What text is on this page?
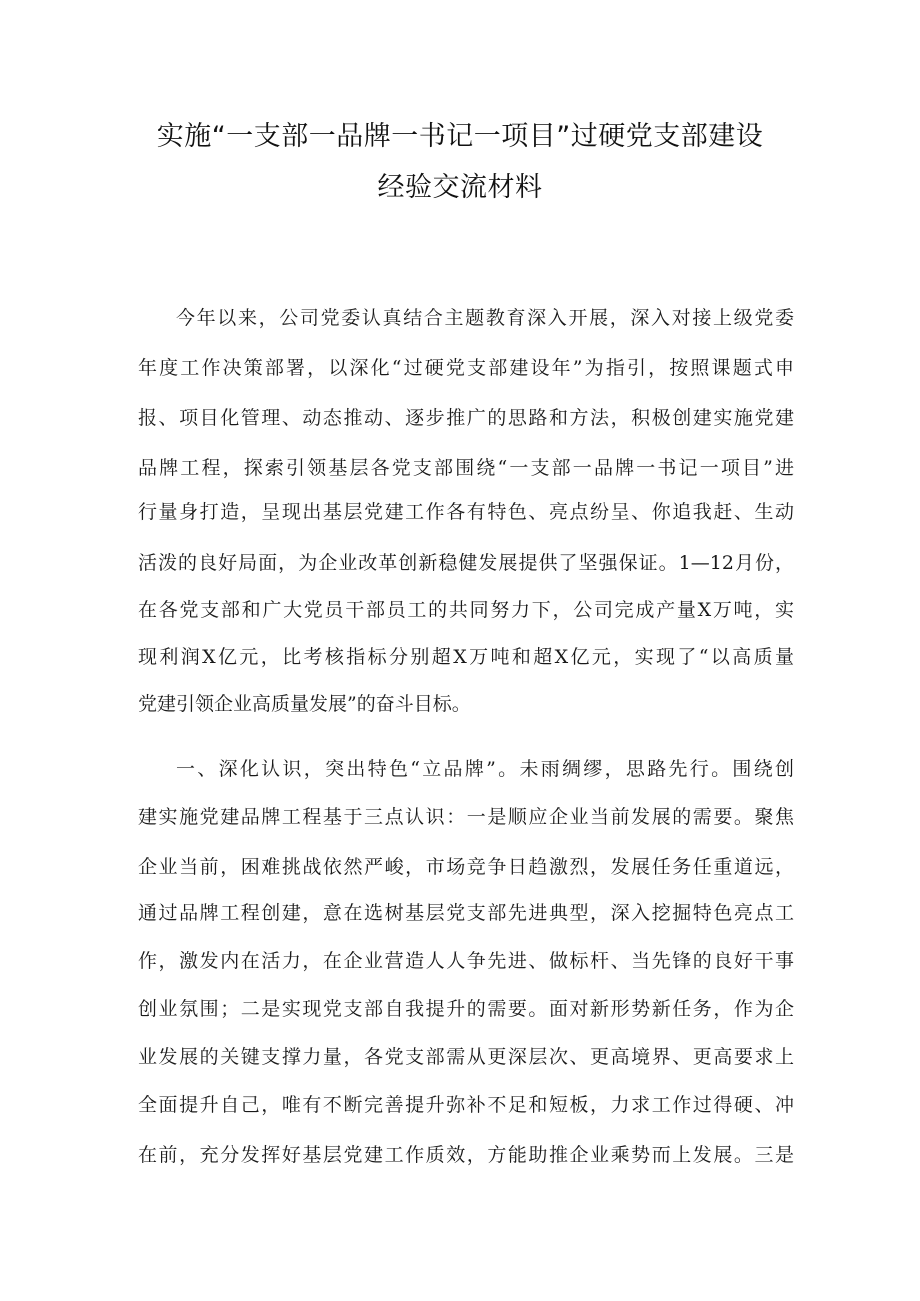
实施“一支部一品牌一书记一项目”过硬党支部建设
经验交流材料
今年以来，公司党委认真结合主题教育深入开展，深入对接上级党委
年度工作决策部署，以深化“过硬党支部建设年”为指引，按照课题式申
报、项目化管理、动态推动、逐步推广的思路和方法，积极创建实施党建
品牌工程，探索引领基层各党支部围绕“一支部一品牌一书记一项目”进
行量身打造，呈现出基层党建工作各有特色、亮点纷呈、你追我赶、生动
活泼的良好局面，为企业改革创新稳健发展提供了坚强保证。1—12月份，
在各党支部和广大党员干部员工的共同努力下，公司完成产量X万吨，实
现利润X亿元，比考核指标分别超X万吨和超X亿元，实现了“以高质量
党建引领企业高质量发展”的奋斗目标。
一、深化认识，突出特色“立品牌”。未雨绸缪，思路先行。围绕创
建实施党建品牌工程基于三点认识：一是顺应企业当前发展的需要。聚焦
企业当前，困难挑战依然严峻，市场竞争日趋激烈，发展任务任重道远，
通过品牌工程创建，意在选树基层党支部先进典型，深入挖掘特色亮点工
作，激发内在活力，在企业营造人人争先进、做标杆、当先锋的良好干事
创业氛围；二是实现党支部自我提升的需要。面对新形势新任务，作为企
业发展的关键支撑力量，各党支部需从更深层次、更高境界、更高要求上
全面提升自己，唯有不断完善提升弥补不足和短板，力求工作过得硬、冲
在前，充分发挥好基层党建工作质效，方能助推企业乘势而上发展。三是
